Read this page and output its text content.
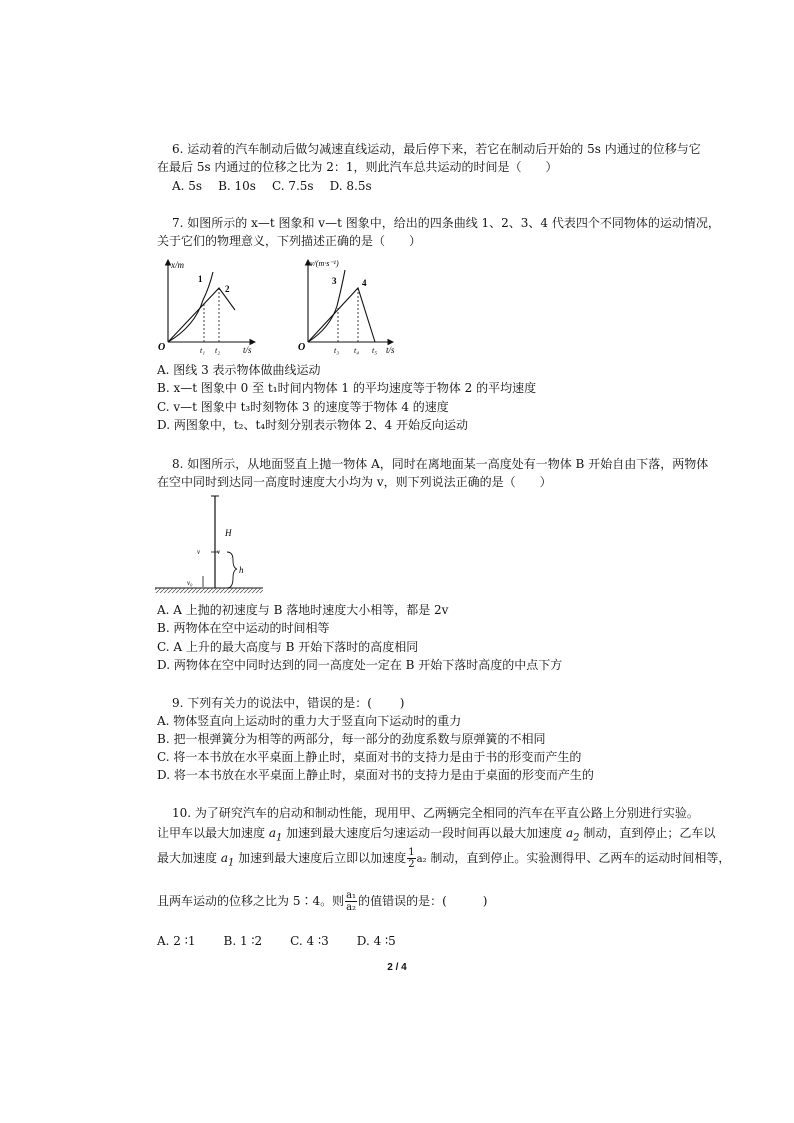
6. 运动着的汽车制动后做匀减速直线运动，最后停下来，若它在制动后开始的 5s 内通过的位移与它
在最后 5s 内通过的位移之比为 2：1，则此汽车总共运动的时间是（　　）
A. 5s B. 10s C. 7.5s D. 8.5s
7. 如图所示的 x—t 图象和 v—t 图象中，给出的四条曲线 1、2、3、4 代表四个不同物体的运动情况，
关于它们的物理意义，下列描述正确的是（　　）
x/m
t/s
O
1
2
t₁ t₂
v/(m·s⁻¹)
t/s
O
3	4
t₃ t₄ t₅
A. 图线 3 表示物体做曲线运动
B. x—t 图象中 0 至 t₁时间内物体 1 的平均速度等于物体 2 的平均速度
C. v—t 图象中 t₃时刻物体 3 的速度等于物体 4 的速度
D. 两图象中，t₂、t₄时刻分别表示物体 2、4 开始反向运动
8. 如图所示，从地面竖直上抛一物体 A，同时在离地面某一高度处有一物体 B 开始自由下落，两物体
在空中同时到达同一高度时速度大小均为 v，则下列说法正确的是（　　）
H
h
v v
v₀
A. A 上抛的初速度与 B 落地时速度大小相等，都是 2v
B. 两物体在空中运动的时间相等
C. A 上升的最大高度与 B 开始下落时的高度相同
D. 两物体在空中同时达到的同一高度处一定在 B 开始下落时高度的中点下方
9. 下列有关力的说法中，错误的是：(　　 )
A. 物体竖直向上运动时的重力大于竖直向下运动时的重力
B. 把一根弹簧分为相等的两部分，每一部分的劲度系数与原弹簧的不相同
C. 将一本书放在水平桌面上静止时，桌面对书的支持力是由于书的形变而产生的
D. 将一本书放在水平桌面上静止时，桌面对书的支持力是由于桌面的形变而产生的
10. 为了研究汽车的启动和制动性能，现用甲、乙两辆完全相同的汽车在平直公路上分别进行实验。
让甲车以最大加速度 $a_1$ 加速到最大速度后匀速运动一段时间再以最大加速度 $a_2$ 制动，直到停止；乙车以
最大加速度 $a_1$ 加速到最大速度后立即以加速度 $\frac{1}{2} a_2$ 制动，直到停止。实验测得甲、乙两车的运动时间相等，
且两车运动的位移之比为 5∶4。则 $\frac{\text{a₁}}{\text{a₂}}$ 的值错误的是：(　　　)
A. 2 ∶1 B. 1 ∶2 C. 4 ∶3 D. 4 ∶5
2 / 4
